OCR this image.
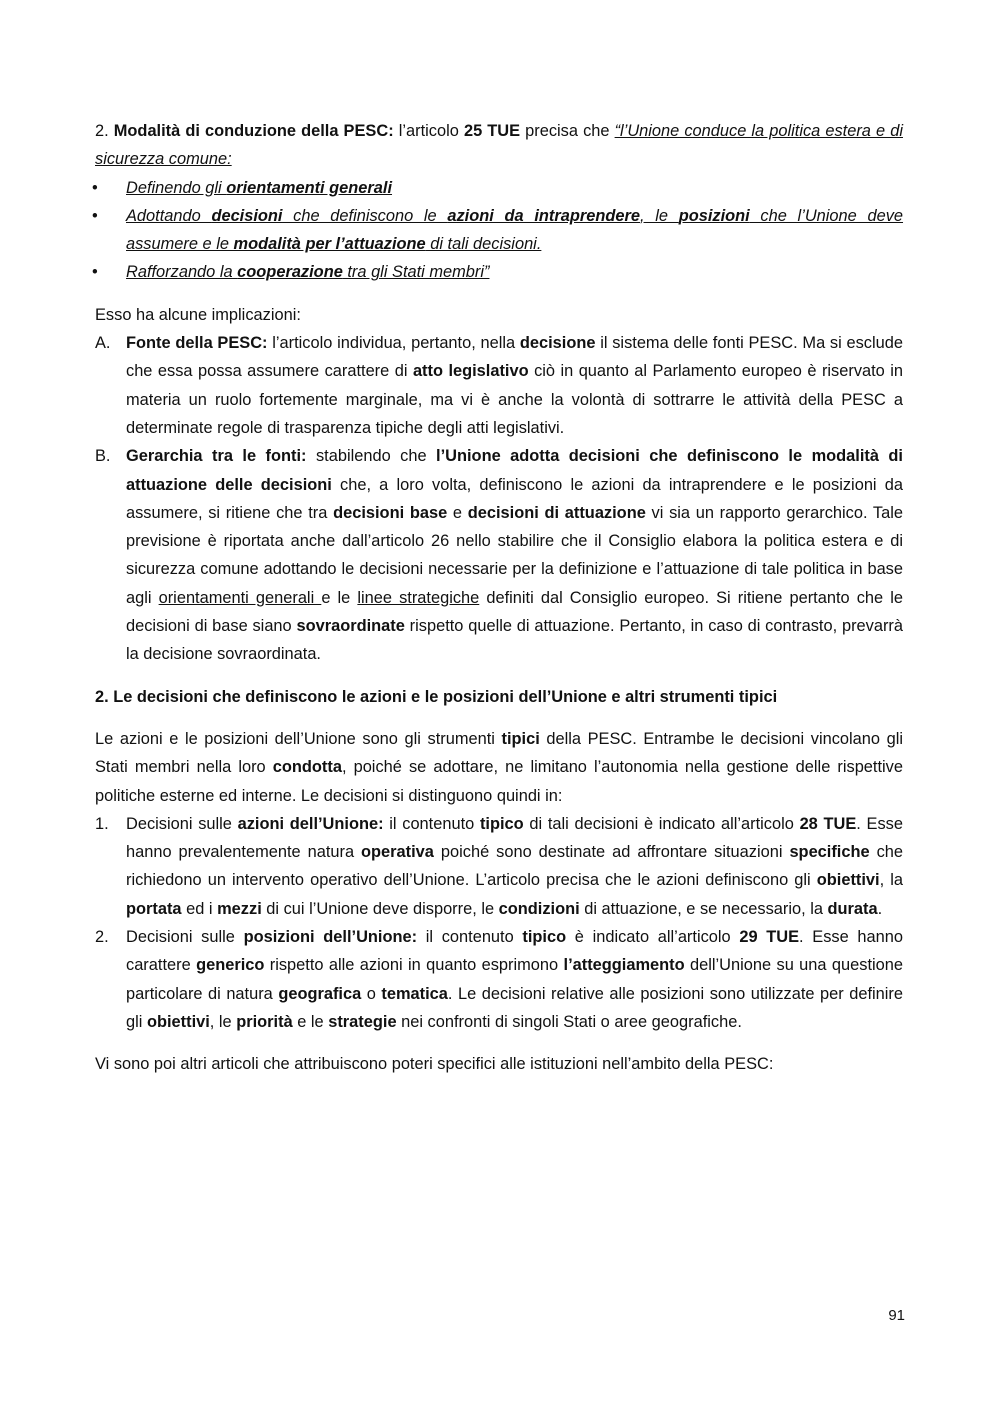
2. Modalità di conduzione della PESC: l’articolo 25 TUE precisa che “l’Unione conduce la politica estera e di sicurezza comune:

• Definendo gli orientamenti generali
• Adottando decisioni che definiscono le azioni da intraprendere, le posizioni che l’Unione deve assumere e le modalità per l’attuazione di tali decisioni.
• Rafforzando la cooperazione tra gli Stati membri”

Esso ha alcune implicazioni:

A. Fonte della PESC: l’articolo individua, pertanto, nella decisione il sistema delle fonti PESC. Ma si esclude che essa possa assumere carattere di atto legislativo ciò in quanto al Parlamento europeo è riservato in materia un ruolo fortemente marginale, ma vi è anche la volontà di sottrarre le attività della PESC a determinate regole di trasparenza tipiche degli atti legislativi.
B. Gerarchia tra le fonti: stabilendo che l’Unione adotta decisioni che definiscono le modalità di attuazione delle decisioni che, a loro volta, definiscono le azioni da intraprendere e le posizioni da assumere, si ritiene che tra decisioni base e decisioni di attuazione vi sia un rapporto gerarchico. Tale previsione è riportata anche dall’articolo 26 nello stabilire che il Consiglio elabora la politica estera e di sicurezza comune adottando le decisioni necessarie per la definizione e l’attuazione di tale politica in base agli orientamenti generali e le linee strategiche definiti dal Consiglio europeo. Si ritiene pertanto che le decisioni di base siano sovraordinate rispetto quelle di attuazione. Pertanto, in caso di contrasto, prevarrà la decisione sovraordinata.

2. Le decisioni che definiscono le azioni e le posizioni dell’Unione e altri strumenti tipici

Le azioni e le posizioni dell’Unione sono gli strumenti tipici della PESC. Entrambe le decisioni vincolano gli Stati membri nella loro condotta, poiché se adottare, ne limitano l’autonomia nella gestione delle rispettive politiche esterne ed interne. Le decisioni si distinguono quindi in:

1. Decisioni sulle azioni dell’Unione: il contenuto tipico di tali decisioni è indicato all’articolo 28 TUE. Esse hanno prevalentemente natura operativa poiché sono destinate ad affrontare situazioni specifiche che richiedono un intervento operativo dell’Unione. L’articolo precisa che le azioni definiscono gli obiettivi, la portata ed i mezzi di cui l’Unione deve disporre, le condizioni di attuazione, e se necessario, la durata.
2. Decisioni sulle posizioni dell’Unione: il contenuto tipico è indicato all’articolo 29 TUE. Esse hanno carattere generico rispetto alle azioni in quanto esprimono l’atteggiamento dell’Unione su una questione particolare di natura geografica o tematica. Le decisioni relative alle posizioni sono utilizzate per definire gli obiettivi, le priorità e le strategie nei confronti di singoli Stati o aree geografiche.

Vi sono poi altri articoli che attribuiscono poteri specifici alle istituzioni nell’ambito della PESC:

91
